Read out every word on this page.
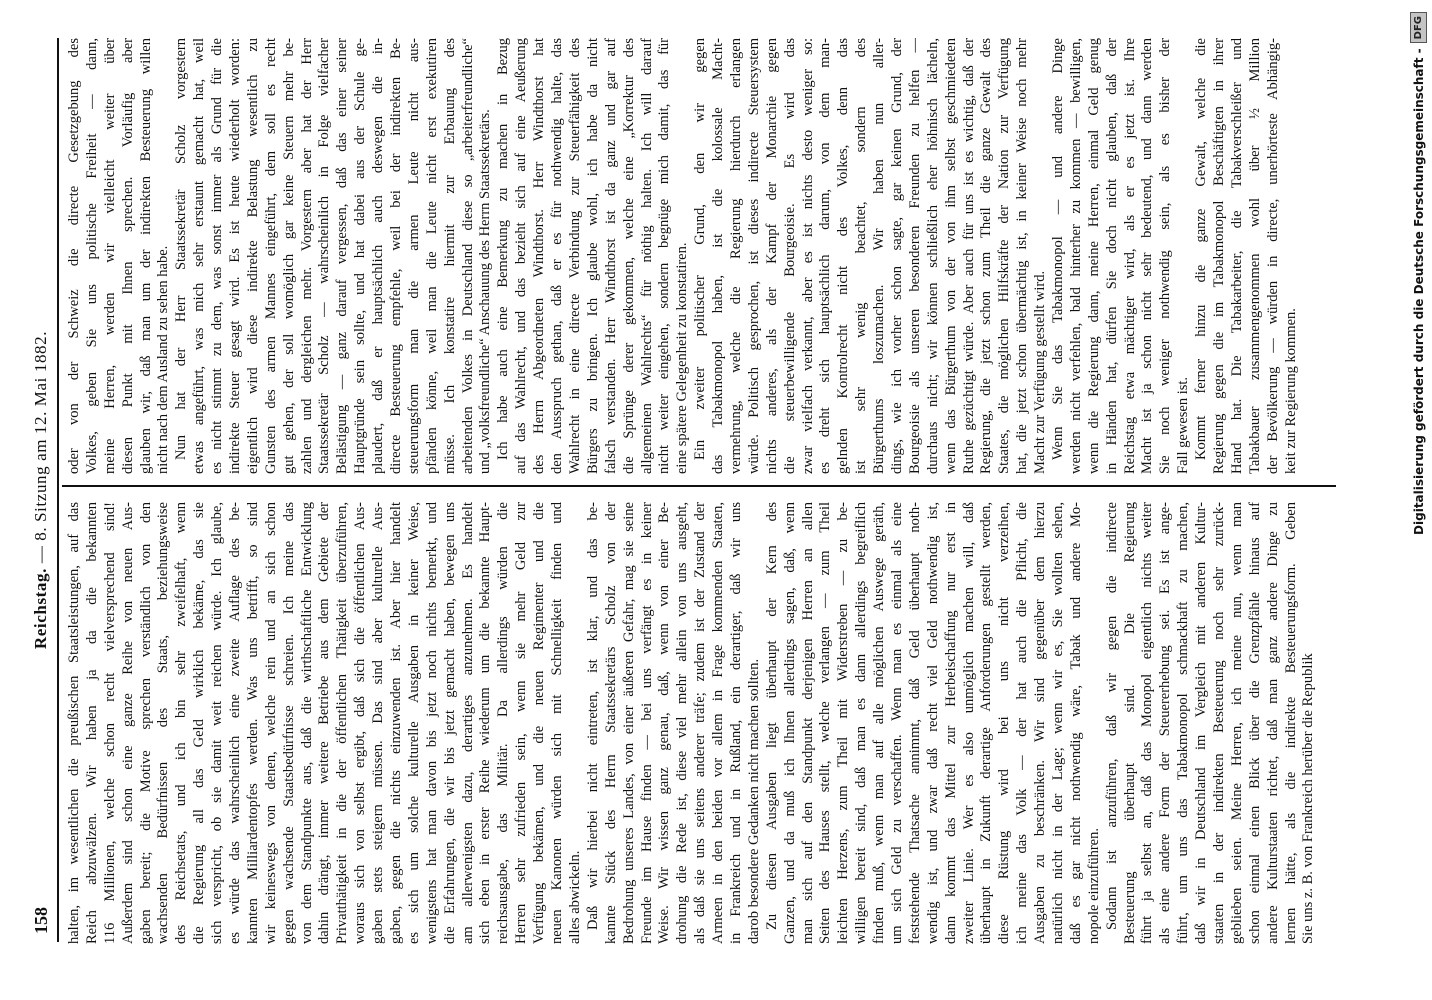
158
Reichstag. — 8. Sitzung am 12. Mai 1882.
halten, im wesentlichen die preußischen Staatsleistungen, auf das Reich abzuwälzen. Wir haben ja da die bekannten 116 Millionen, welche schon recht vielversprechend sind! Außerdem sind schon eine ganze Reihe von neuen Aus- gaben bereit; die Motive sprechen verständlich von den wachsenden Bedürfnissen des Staats, beziehungsweise des Reichsetats, und ich bin sehr zweifelhaft, wenn die Regierung all das Geld wirklich bekäme, das sie sich verspricht, ob sie damit weit reichen würde. Ich glaube, es würde das wahrscheinlich eine zweite Auflage des be- kannten Milliardentopfes werden. Was uns betrifft, so sind wir keineswegs von denen, welche rein und an sich schon gegen wachsende Staatsbedürfnisse schreien. Ich meine das von dem Standpunkte aus, daß die wirthschaftliche Entwicklung dahin drängt, immer weitere Betriebe aus dem Gebiete der Privatthätigkeit in die der öffentlichen Thätigkeit überzuführen, woraus sich von selbst ergibt, daß sich die öffentlichen Aus- gaben stets steigern müssen. Das sind aber kulturelle Aus- gaben, gegen die nichts einzuwenden ist. Aber hier handelt es sich um solche kulturelle Ausgaben in keiner Weise, wenigstens hat man davon bis jetzt noch nichts bemerkt, und die Erfahrungen, die wir bis jetzt gemacht haben, bewegen uns am allerwenigsten dazu, derartiges anzunehmen. Es handelt sich eben in erster Reihe wiederum um die bekannte Haupt- reichsausgabe, das Militär. Da allerdings würden die Herren sehr zufrieden sein, wenn sie mehr Geld zur Verfügung bekämen, und die neuen Regimenter und die neuen Kanonen würden sich mit Schnelligkeit finden und alles abwickeln. Daß wir hierbei nicht eintreten, ist klar, und das be- kannte Stück des Herrn Staatssekretärs Scholz von der Bedrohung unseres Landes, von einer äußeren Gefahr, mag sie seine Freunde im Hause finden — bei uns verfängt es in keiner Weise. Wir wissen ganz genau, daß, wenn von einer Be- drohung die Rede ist, diese viel mehr allein von uns ausgeht, als daß sie uns seitens anderer träfe; zudem ist der Zustand der Armeen in den beiden vor allem in Frage kommenden Staaten, in Frankreich und in Rußland, ein derartiger, daß wir uns darob besondere Gedanken nicht machen sollten. Zu diesen Ausgaben liegt überhaupt der Kern des Ganzen, und da muß ich Ihnen allerdings sagen, daß, wenn man sich auf den Standpunkt derjenigen Herren an allen Seiten des Hauses stellt, welche verlangen — zum Theil leichten Herzens, zum Theil mit Widerstreben — zu be- willigen bereit sind, daß man es dann allerdings begreiflich finden muß, wenn man auf alle möglichen Auswege geräth, um sich Geld zu verschaffen. Wenn man es einmal als eine feststehende Thatsache annimmt, daß Geld überhaupt noth- wendig ist, und zwar daß recht viel Geld nothwendig ist, dann kommt das Mittel zur Herbeischaffung nur erst in zweiter Linie. Wer es also unmöglich machen will, daß überhaupt in Zukunft derartige Anforderungen gestellt werden, diese Rüstung wird bei uns nicht verzeihen, ich meine das Volk — der hat auch die Pflicht, die Ausgaben zu beschränken. Wir sind gegenüber dem hierzu natürlich nicht in der Lage; wenn wir es, Sie wollten sehen, daß es gar nicht nothwendig wäre, Tabak und andere Mo- nopole einzuführen. Sodann ist anzuführen, daß wir gegen die indirecte Besteuerung überhaupt sind. Die Regierung führt ja selbst an, daß das Monopol eigentlich nichts weiter als eine andere Form der Steuererhebung sei. Es ist ange- führt, um uns das Tabakmonopol schmackhaft zu machen, daß wir in Deutschland im Vergleich mit anderen Kultur- staaten in der indirekten Besteuerung noch sehr zurück- geblieben seien. Meine Herren, ich meine nun, wenn man schon einmal einen Blick über die Grenzpfähle hinaus auf andere Kulturstaaten richtet, daß man ganz andere Dinge zu lernen hätte, als die indirekte Besteuerungsform. Geben Sie uns z. B. von Frankreich herüber die Republik
oder von der Schweiz die directe Gesetzgebung des Volkes, geben Sie uns politische Freiheit — dann, meine Herren, werden wir vielleicht weiter über diesen Punkt mit Ihnen sprechen. Vorläufig aber glauben wir, daß man um der indirekten Besteuerung willen nicht nach dem Ausland zu sehen habe. Nun hat der Herr Staatssekretär Scholz vorgestern etwas angeführt, was mich sehr erstaunt gemacht hat, weil es nicht stimmt zu dem, was sonst immer als Grund für die indirekte Steuer gesagt wird. Es ist heute wiederholt worden: eigentlich wird diese indirekte Belastung wesentlich zu Gunsten des armen Mannes eingeführt, dem soll es recht gut gehen, der soll womöglich gar keine Steuern mehr be- zahlen und dergleichen mehr. Vorgestern aber hat der Herr Staatssekretär Scholz — wahrscheinlich in Folge vielfacher Belästigung — ganz darauf vergessen, daß das einer seiner Hauptgründe sein sollte, und hat dabei aus der Schule ge- plaudert, daß er hauptsächlich auch deswegen die in- directe Besteuerung empfehle, weil bei der indirekten Be- steuerungsform man die armen Leute nicht aus- pfänden könne, weil man die Leute nicht erst exekutiren müsse. Ich konstatire hiermit zur Erbauung des arbeitenden Volkes in Deutschland diese so „arbeiterfreundliche“ und „volksfreundliche“ Anschauung des Herrn Staatssekretärs. Ich habe auch eine Bemerkung zu machen in Bezug auf das Wahlrecht, und das bezieht sich auf eine Aeußerung des Herrn Abgeordneten Windthorst. Herr Windthorst hat den Ausspruch gethan, daß er es für nothwendig halte, das Wahlrecht in eine directe Verbindung zur Steuerfähigkeit des Bürgers zu bringen. Ich glaube wohl, ich habe da nicht falsch verstanden. Herr Windthorst ist da ganz und gar auf die Sprünge derer gekommen, welche eine „Korrektur des allgemeinen Wahlrechts“ für nöthig halten. Ich will darauf nicht weiter eingehen, sondern begnüge mich damit, das für eine spätere Gelegenheit zu konstatiren. Ein zweiter politischer Grund, den wir gegen das Tabakmonopol haben, ist die kolossale Macht- vermehrung, welche die Regierung hierdurch erlangen würde. Politisch gesprochen, ist dieses indirecte Steuersystem nichts anderes, als der Kampf der Monarchie gegen die steuerbewilligende Bourgeoisie. Es wird das zwar vielfach verkannt, aber es ist nichts desto weniger so: es dreht sich hauptsächlich darum, von dem man- gelnden Kontrolrecht nicht des Volkes, denn das ist sehr wenig beachtet, sondern des Bürgerthums loszumachen. Wir haben nun aller- dings, wie ich vorher schon sagte, gar keinen Grund, der Bourgeoisie als unseren besonderen Freunden zu helfen — durchaus nicht; wir können schließlich eher höhnisch lächeln, wenn das Bürgerthum von der von ihm selbst geschmiedeten Ruthe gezüchtigt würde. Aber auch für uns ist es wichtig, daß der Regierung, die jetzt schon zum Theil die ganze Gewalt des Staates, die möglichen Hilfskräfte der Nation zur Verfügung hat, die jetzt schon übermächtig ist, in keiner Weise noch mehr Macht zur Verfügung gestellt wird. Wenn Sie das Tabakmonopol — und andere Dinge werden nicht verfehlen, bald hinterher zu kommen — bewilligen, wenn die Regierung dann, meine Herren, einmal Geld genug in Händen hat, dürfen Sie doch nicht glauben, daß der Reichstag etwa mächtiger wird, als er es jetzt ist. Ihre Macht ist ja schon nicht sehr bedeutend, und dann werden Sie noch weniger nothwendig sein, als es bisher der Fall gewesen ist. Kommt ferner hinzu die ganze Gewalt, welche die Regierung gegen die im Tabakmonopol Beschäftigten in ihrer Hand hat. Die Tabakarbeiter, die Tabakverschleißer und Tabakbauer zusammengenommen wohl über ½ Million der Bevölkerung — würden in directe, unerhörteste Abhängig- keit zur Regierung kommen.	Digitalisierung gefördert durch die Deutsche Forschungsgemeinschaft -
DFG
